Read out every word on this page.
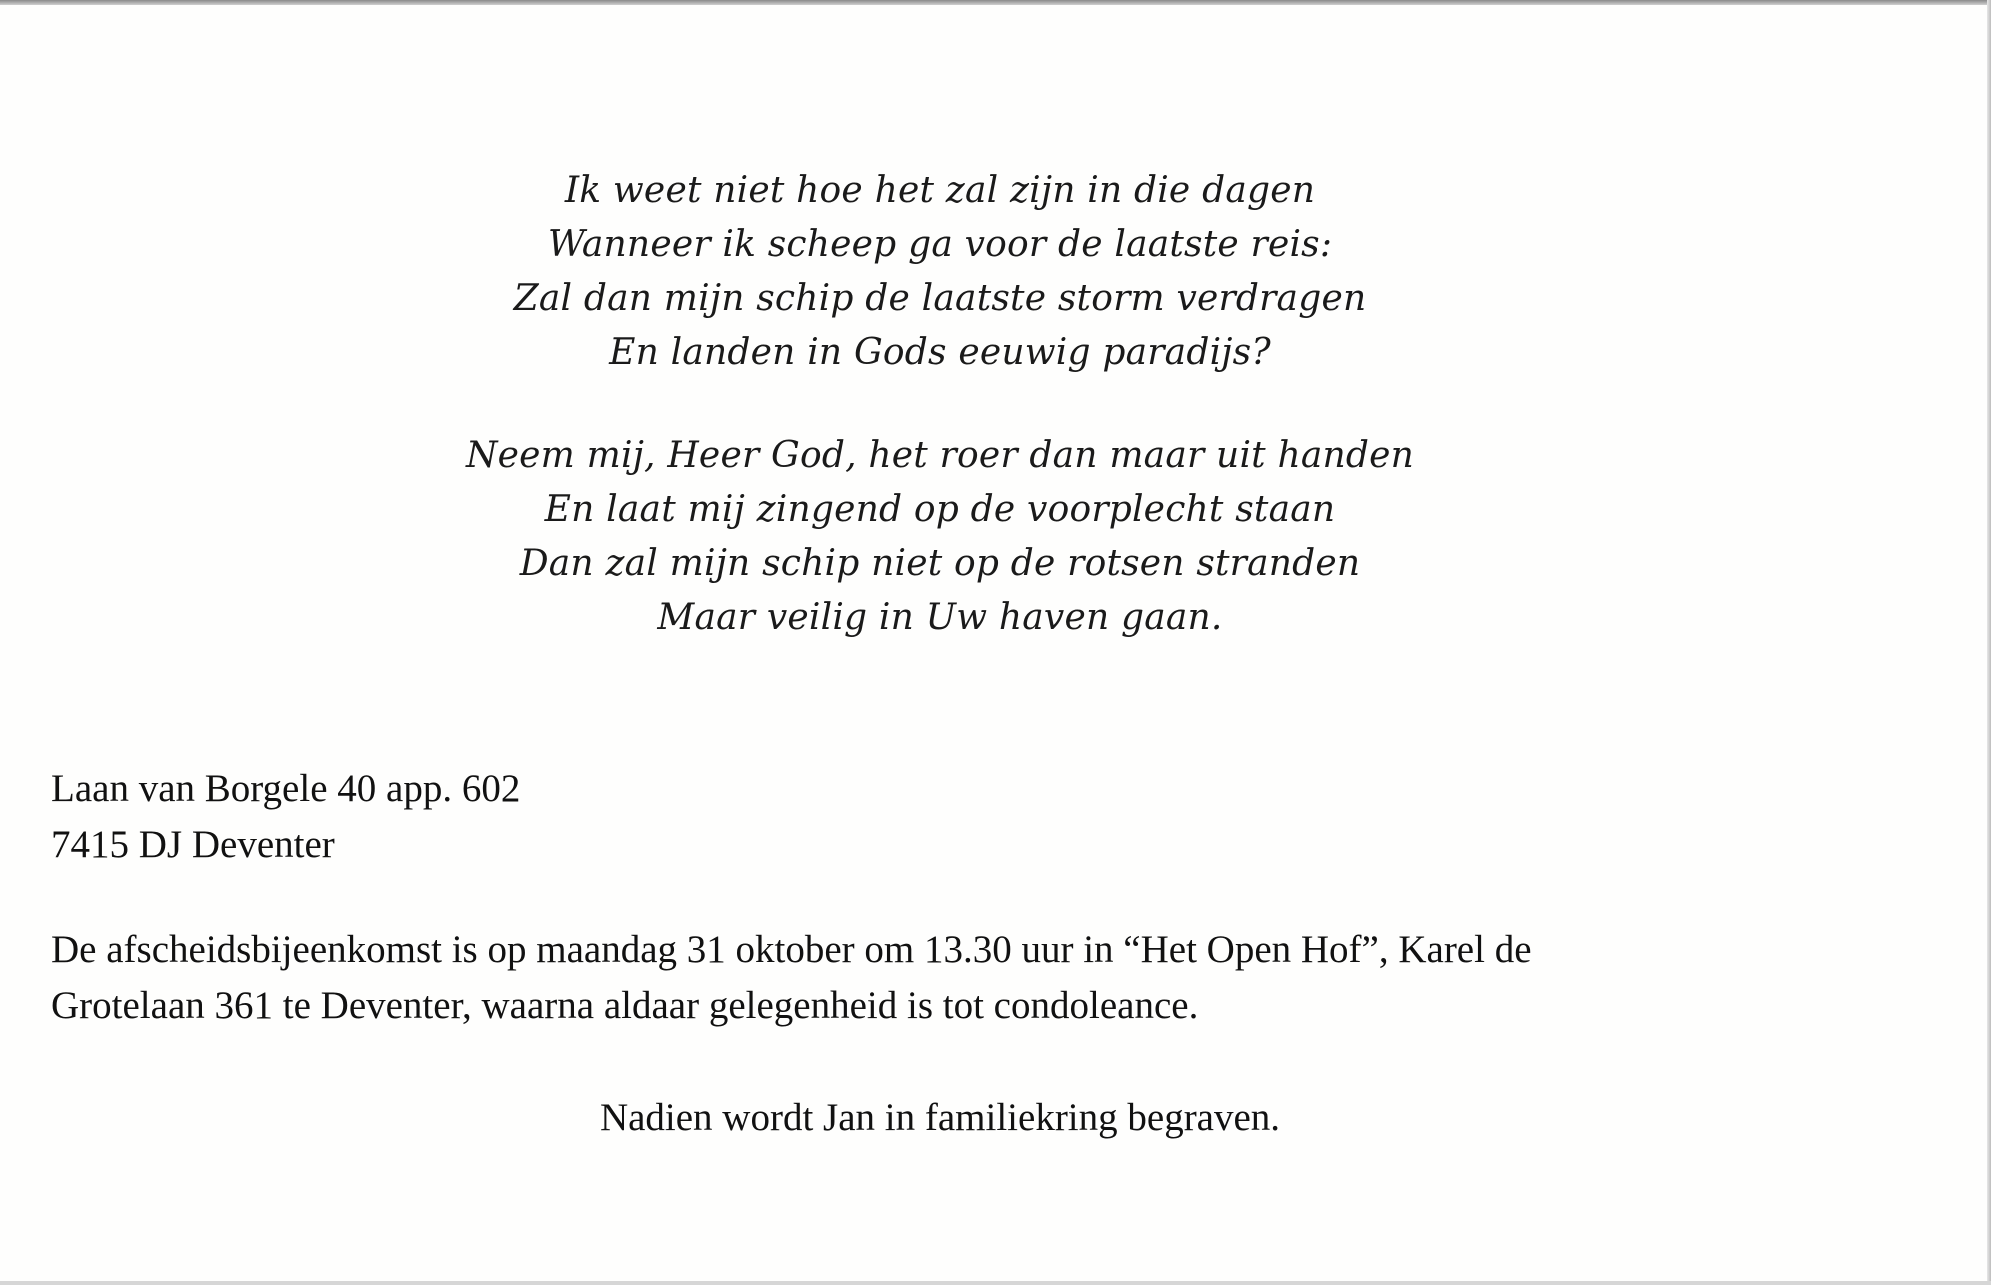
Ik weet niet hoe het zal zijn in die dagen
Wanneer ik scheep ga voor de laatste reis:
Zal dan mijn schip de laatste storm verdragen
En landen in Gods eeuwig paradijs?
Neem mij, Heer God, het roer dan maar uit handen
En laat mij zingend op de voorplecht staan
Dan zal mijn schip niet op de rotsen stranden
Maar veilig in Uw haven gaan.
Laan van Borgele 40 app. 602
7415 DJ Deventer
De afscheidsbijeenkomst is op maandag 31 oktober om 13.30 uur in “Het Open Hof”, Karel de
Grotelaan 361 te Deventer, waarna aldaar gelegenheid is tot condoleance.
Nadien wordt Jan in familiekring begraven.
